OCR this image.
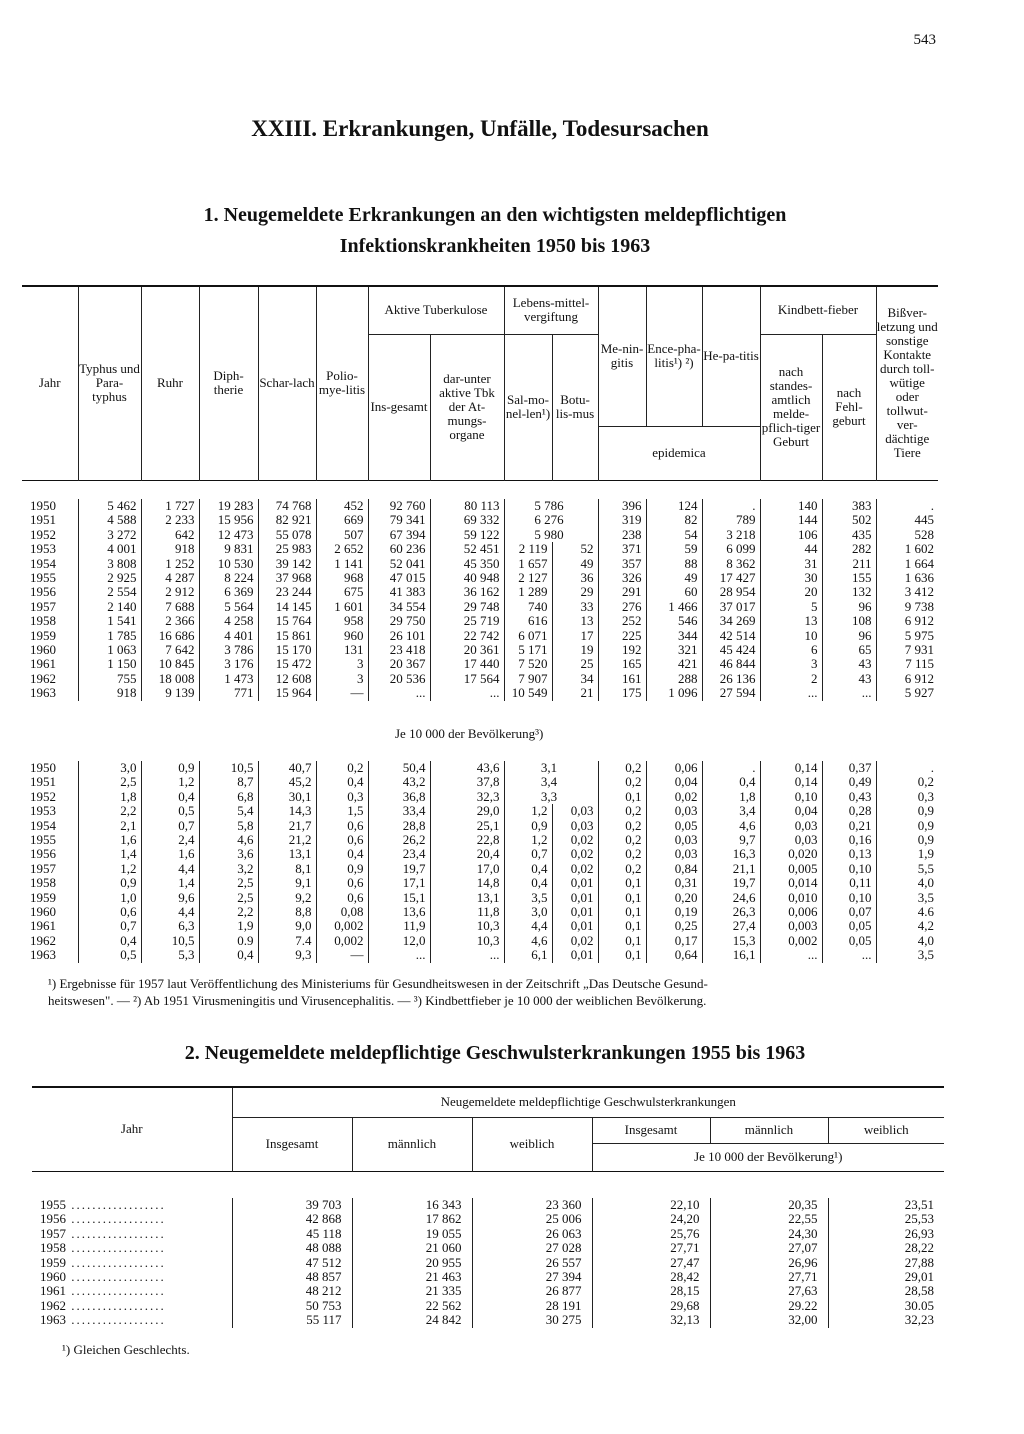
543
XXIII. Erkrankungen, Unfälle, Todesursachen
1. Neugemeldete Erkrankungen an den wichtigsten meldepflichtigen
Infektionskrankheiten 1950 bis 1963
Jahr	Typhus und Para-typhus	Ruhr	Diph-therie	Schar-lach	Polio-mye-litis	Aktive Tuberkulose		Lebens-mittel-vergiftung		Me-nin-gitis	Ence-pha-litis¹) ²)	He-pa-titis	Kindbett-fieber		Bißver-letzung und sonstige Kontakte durch toll-wütige oder tollwut-ver-dächtige Tiere
						Ins-gesamt	dar-unter aktive Tbk der At-mungs-organe	Sal-mo-nel-len¹)	Botu-lis-mus				nach standes-amtlich melde-pflich-tiger Geburt	nach Fehl-geburt	
										epidemica					
1950	5 462	1 727	19 283	74 768	452	92 760	80 113	5 786		396	124	.	140	383	.
1951	4 588	2 233	15 956	82 921	669	79 341	69 332	6 276		319	82	789	144	502	445
1952	3 272	642	12 473	55 078	507	67 394	59 122	5 980		238	54	3 218	106	435	528
1953	4 001	918	9 831	25 983	2 652	60 236	52 451	2 119	52	371	59	6 099	44	282	1 602
1954	3 808	1 252	10 530	39 142	1 141	52 041	45 350	1 657	49	357	88	8 362	31	211	1 664
1955	2 925	4 287	8 224	37 968	968	47 015	40 948	2 127	36	326	49	17 427	30	155	1 636
1956	2 554	2 912	6 369	23 244	675	41 383	36 162	1 289	29	291	60	28 954	20	132	3 412
1957	2 140	7 688	5 564	14 145	1 601	34 554	29 748	740	33	276	1 466	37 017	5	96	9 738
1958	1 541	2 366	4 258	15 764	958	29 750	25 719	616	13	252	546	34 269	13	108	6 912
1959	1 785	16 686	4 401	15 861	960	26 101	22 742	6 071	17	225	344	42 514	10	96	5 975
1960	1 063	7 642	3 786	15 170	131	23 418	20 361	5 171	19	192	321	45 424	6	65	7 931
1961	1 150	10 845	3 176	15 472	3	20 367	17 440	7 520	25	165	421	46 844	3	43	7 115
1962	755	18 008	1 473	12 608	3	20 536	17 564	7 907	34	161	288	26 136	2	43	6 912
1963	918	9 139	771	15 964	—	...	...	10 549	21	175	1 096	27 594	...	...	5 927
Je 10 000 der Bevölkerung³)
1950	3,0	0,9	10,5	40,7	0,2	50,4	43,6	3,1		0,2	0,06	.	0,14	0,37	.
1951	2,5	1,2	8,7	45,2	0,4	43,2	37,8	3,4		0,2	0,04	0,4	0,14	0,49	0,2
1952	1,8	0,4	6,8	30,1	0,3	36,8	32,3	3,3		0,1	0,02	1,8	0,10	0,43	0,3
1953	2,2	0,5	5,4	14,3	1,5	33,4	29,0	1,2	0,03	0,2	0,03	3,4	0,04	0,28	0,9
1954	2,1	0,7	5,8	21,7	0,6	28,8	25,1	0,9	0,03	0,2	0,05	4,6	0,03	0,21	0,9
1955	1,6	2,4	4,6	21,2	0,6	26,2	22,8	1,2	0,02	0,2	0,03	9,7	0,03	0,16	0,9
1956	1,4	1,6	3,6	13,1	0,4	23,4	20,4	0,7	0,02	0,2	0,03	16,3	0,020	0,13	1,9
1957	1,2	4,4	3,2	8,1	0,9	19,7	17,0	0,4	0,02	0,2	0,84	21,1	0,005	0,10	5,5
1958	0,9	1,4	2,5	9,1	0,6	17,1	14,8	0,4	0,01	0,1	0,31	19,7	0,014	0,11	4,0
1959	1,0	9,6	2,5	9,2	0,6	15,1	13,1	3,5	0,01	0,1	0,20	24,6	0,010	0,10	3,5
1960	0,6	4,4	2,2	8,8	0,08	13,6	11,8	3,0	0,01	0,1	0,19	26,3	0,006	0,07	4.6
1961	0,7	6,3	1,9	9,0	0,002	11,9	10,3	4,4	0,01	0,1	0,25	27,4	0,003	0,05	4,2
1962	0,4	10,5	0.9	7.4	0,002	12,0	10,3	4,6	0,02	0,1	0,17	15,3	0,002	0,05	4,0
1963	0,5	5,3	0,4	9,3	—	...	...	6,1	0,01	0,1	0,64	16,1	...	...	3,5
¹) Ergebnisse für 1957 laut Veröffentlichung des Ministeriums für Gesundheitswesen in der Zeitschrift „Das Deutsche Gesund-
heitswesen". — ²) Ab 1951 Virusmeningitis und Virusencephalitis. — ³) Kindbettfieber je 10 000 der weiblichen Bevölkerung.
2. Neugemeldete meldepflichtige Geschwulsterkrankungen 1955 bis 1963
Jahr	Neugemeldete meldepflichtige Geschwulsterkrankungen					
	Insgesamt	männlich	weiblich	Insgesamt	männlich	weiblich
				Je 10 000 der Bevölkerung¹)		
1955 ..................	39 703	16 343	23 360	22,10	20,35	23,51
1956 ..................	42 868	17 862	25 006	24,20	22,55	25,53
1957 ..................	45 118	19 055	26 063	25,76	24,30	26,93
1958 ..................	48 088	21 060	27 028	27,71	27,07	28,22
1959 ..................	47 512	20 955	26 557	27,47	26,96	27,88
1960 ..................	48 857	21 463	27 394	28,42	27,71	29,01
1961 ..................	48 212	21 335	26 877	28,15	27,63	28,58
1962 ..................	50 753	22 562	28 191	29,68	29.22	30.05
1963 ..................	55 117	24 842	30 275	32,13	32,00	32,23
¹) Gleichen Geschlechts.
